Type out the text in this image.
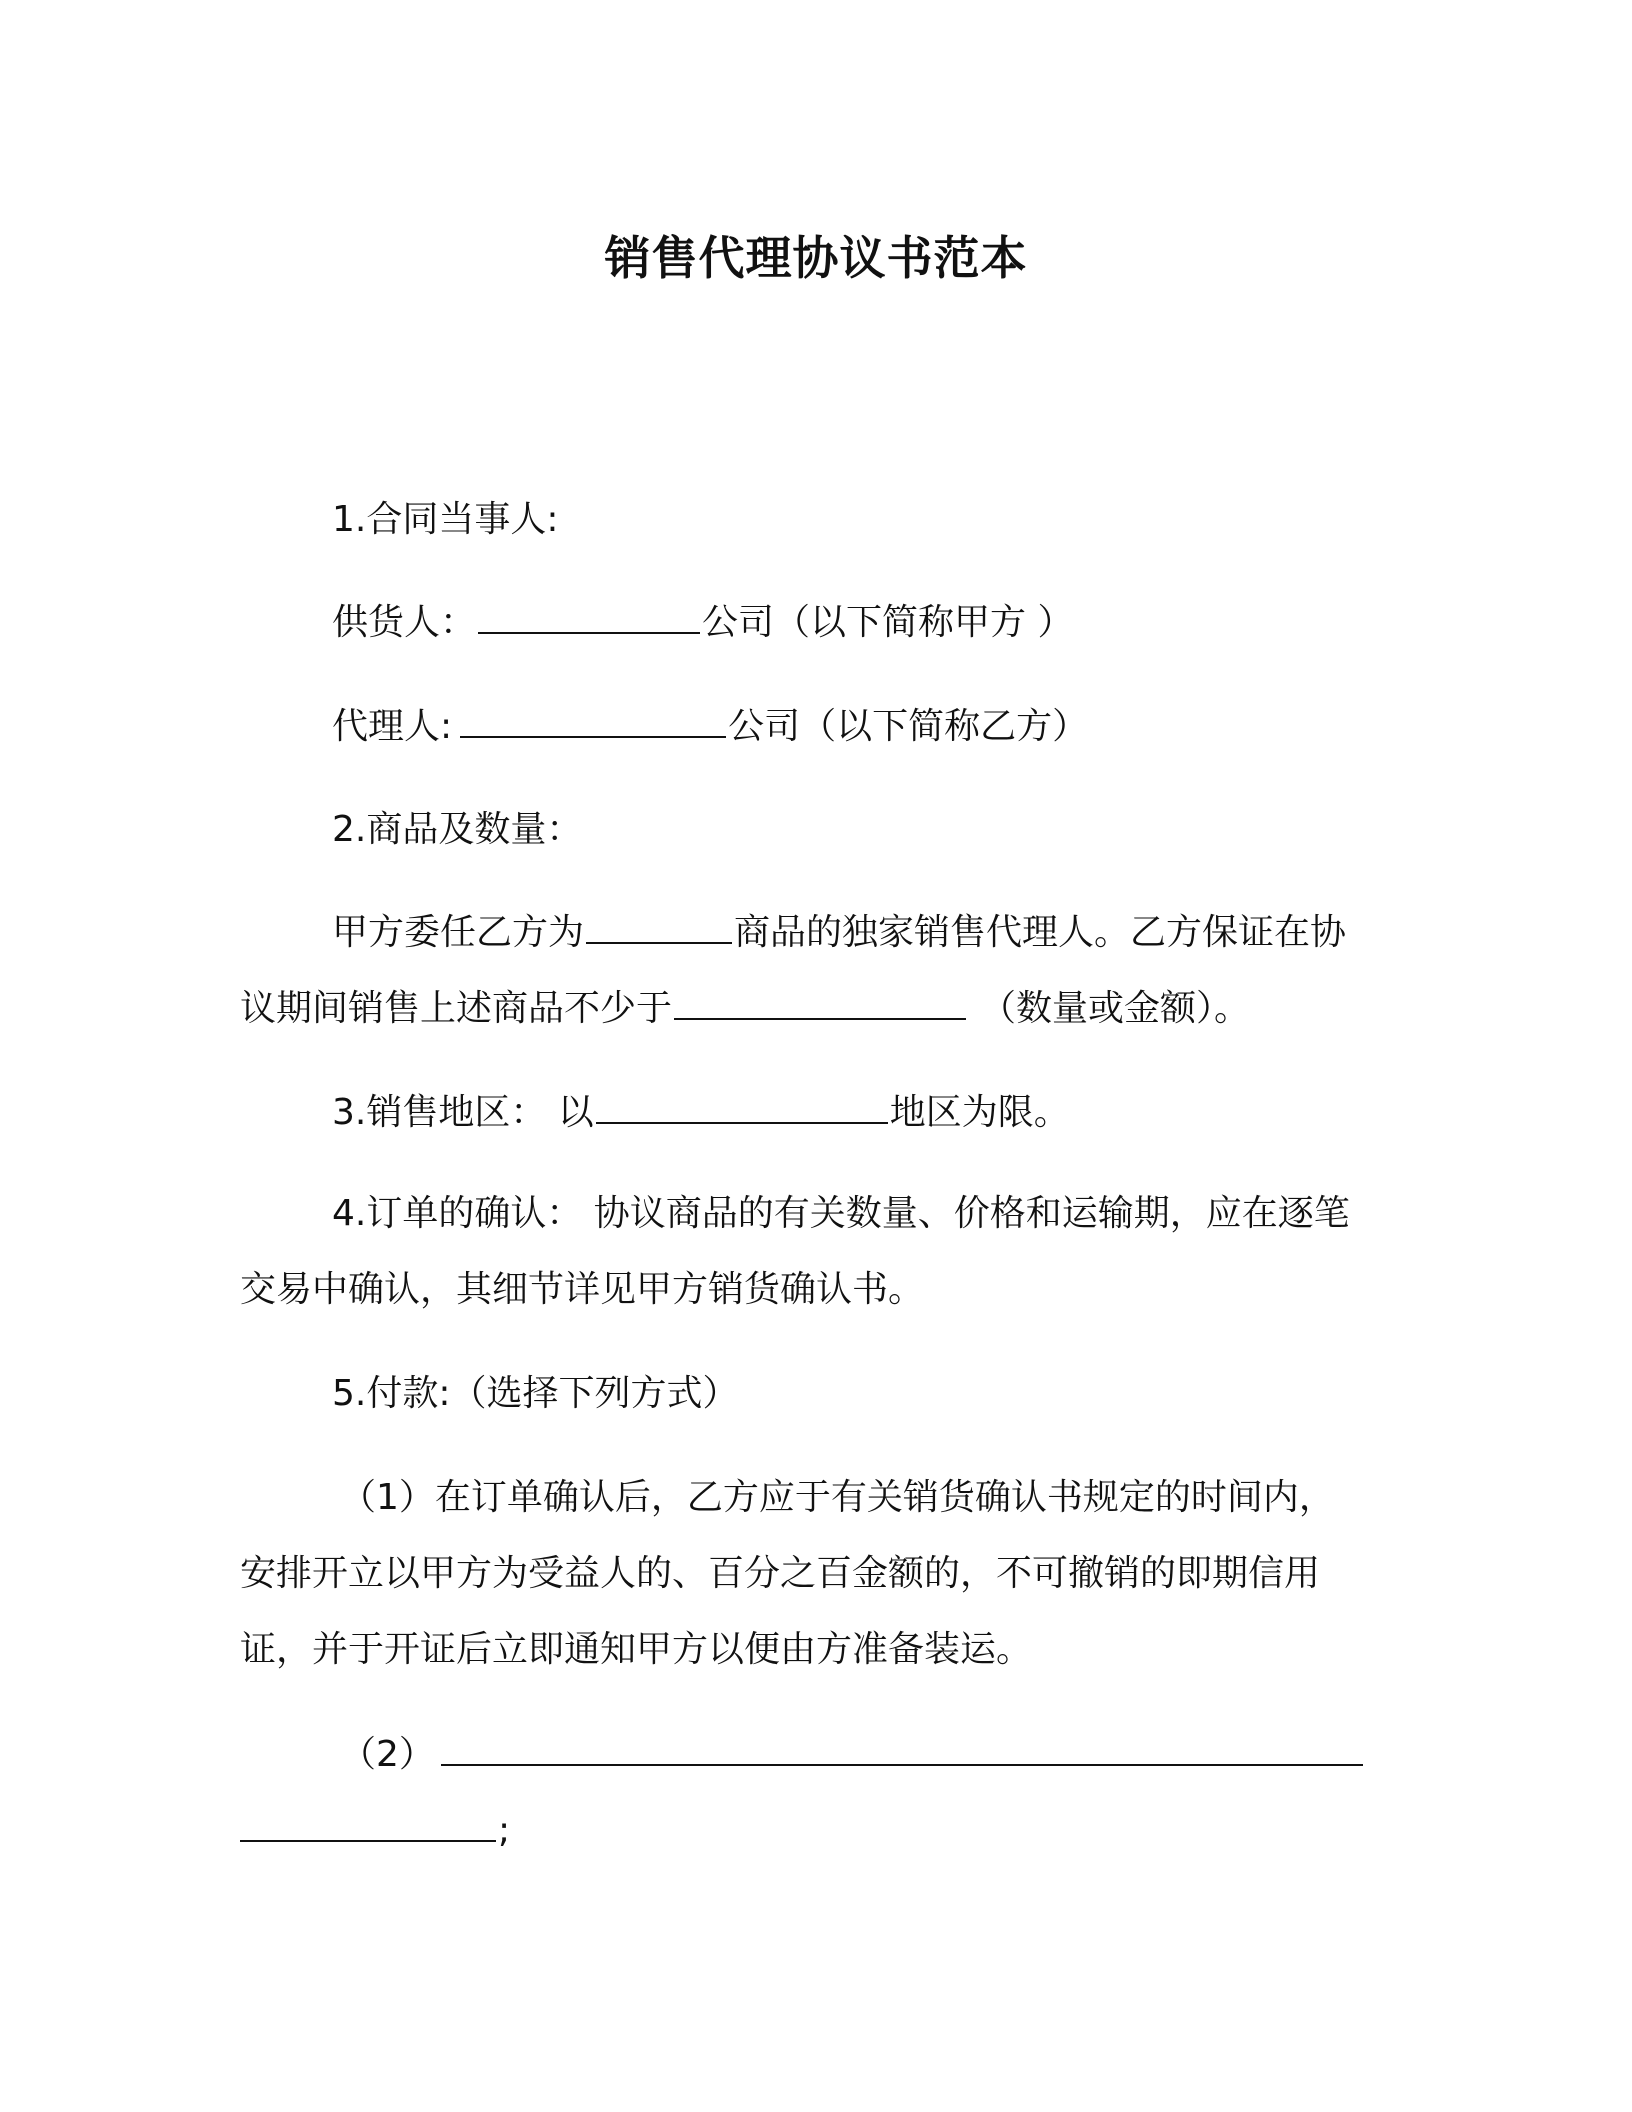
销售代理协议书范本
1.合同当事人:
供货人：	公司（以下简称甲方 ）
代理人:	公司（以下简称乙方）
2.商品及数量：
甲方委任乙方为	商品的独家销售代理人。乙方保证在协
议期间销售上述商品不少于	（数量或金额）。
3.销售地区： 以	地区为限。
4.订单的确认： 协议商品的有关数量、价格和运输期，应在逐笔
交易中确认，其细节详见甲方销货确认书。
5.付款:（选择下列方式）
（1）在订单确认后，乙方应于有关销货确认书规定的时间内，
安排开立以甲方为受益人的、百分之百金额的，不可撤销的即期信用
证，并于开证后立即通知甲方以便由方准备装运。
（2）
;
